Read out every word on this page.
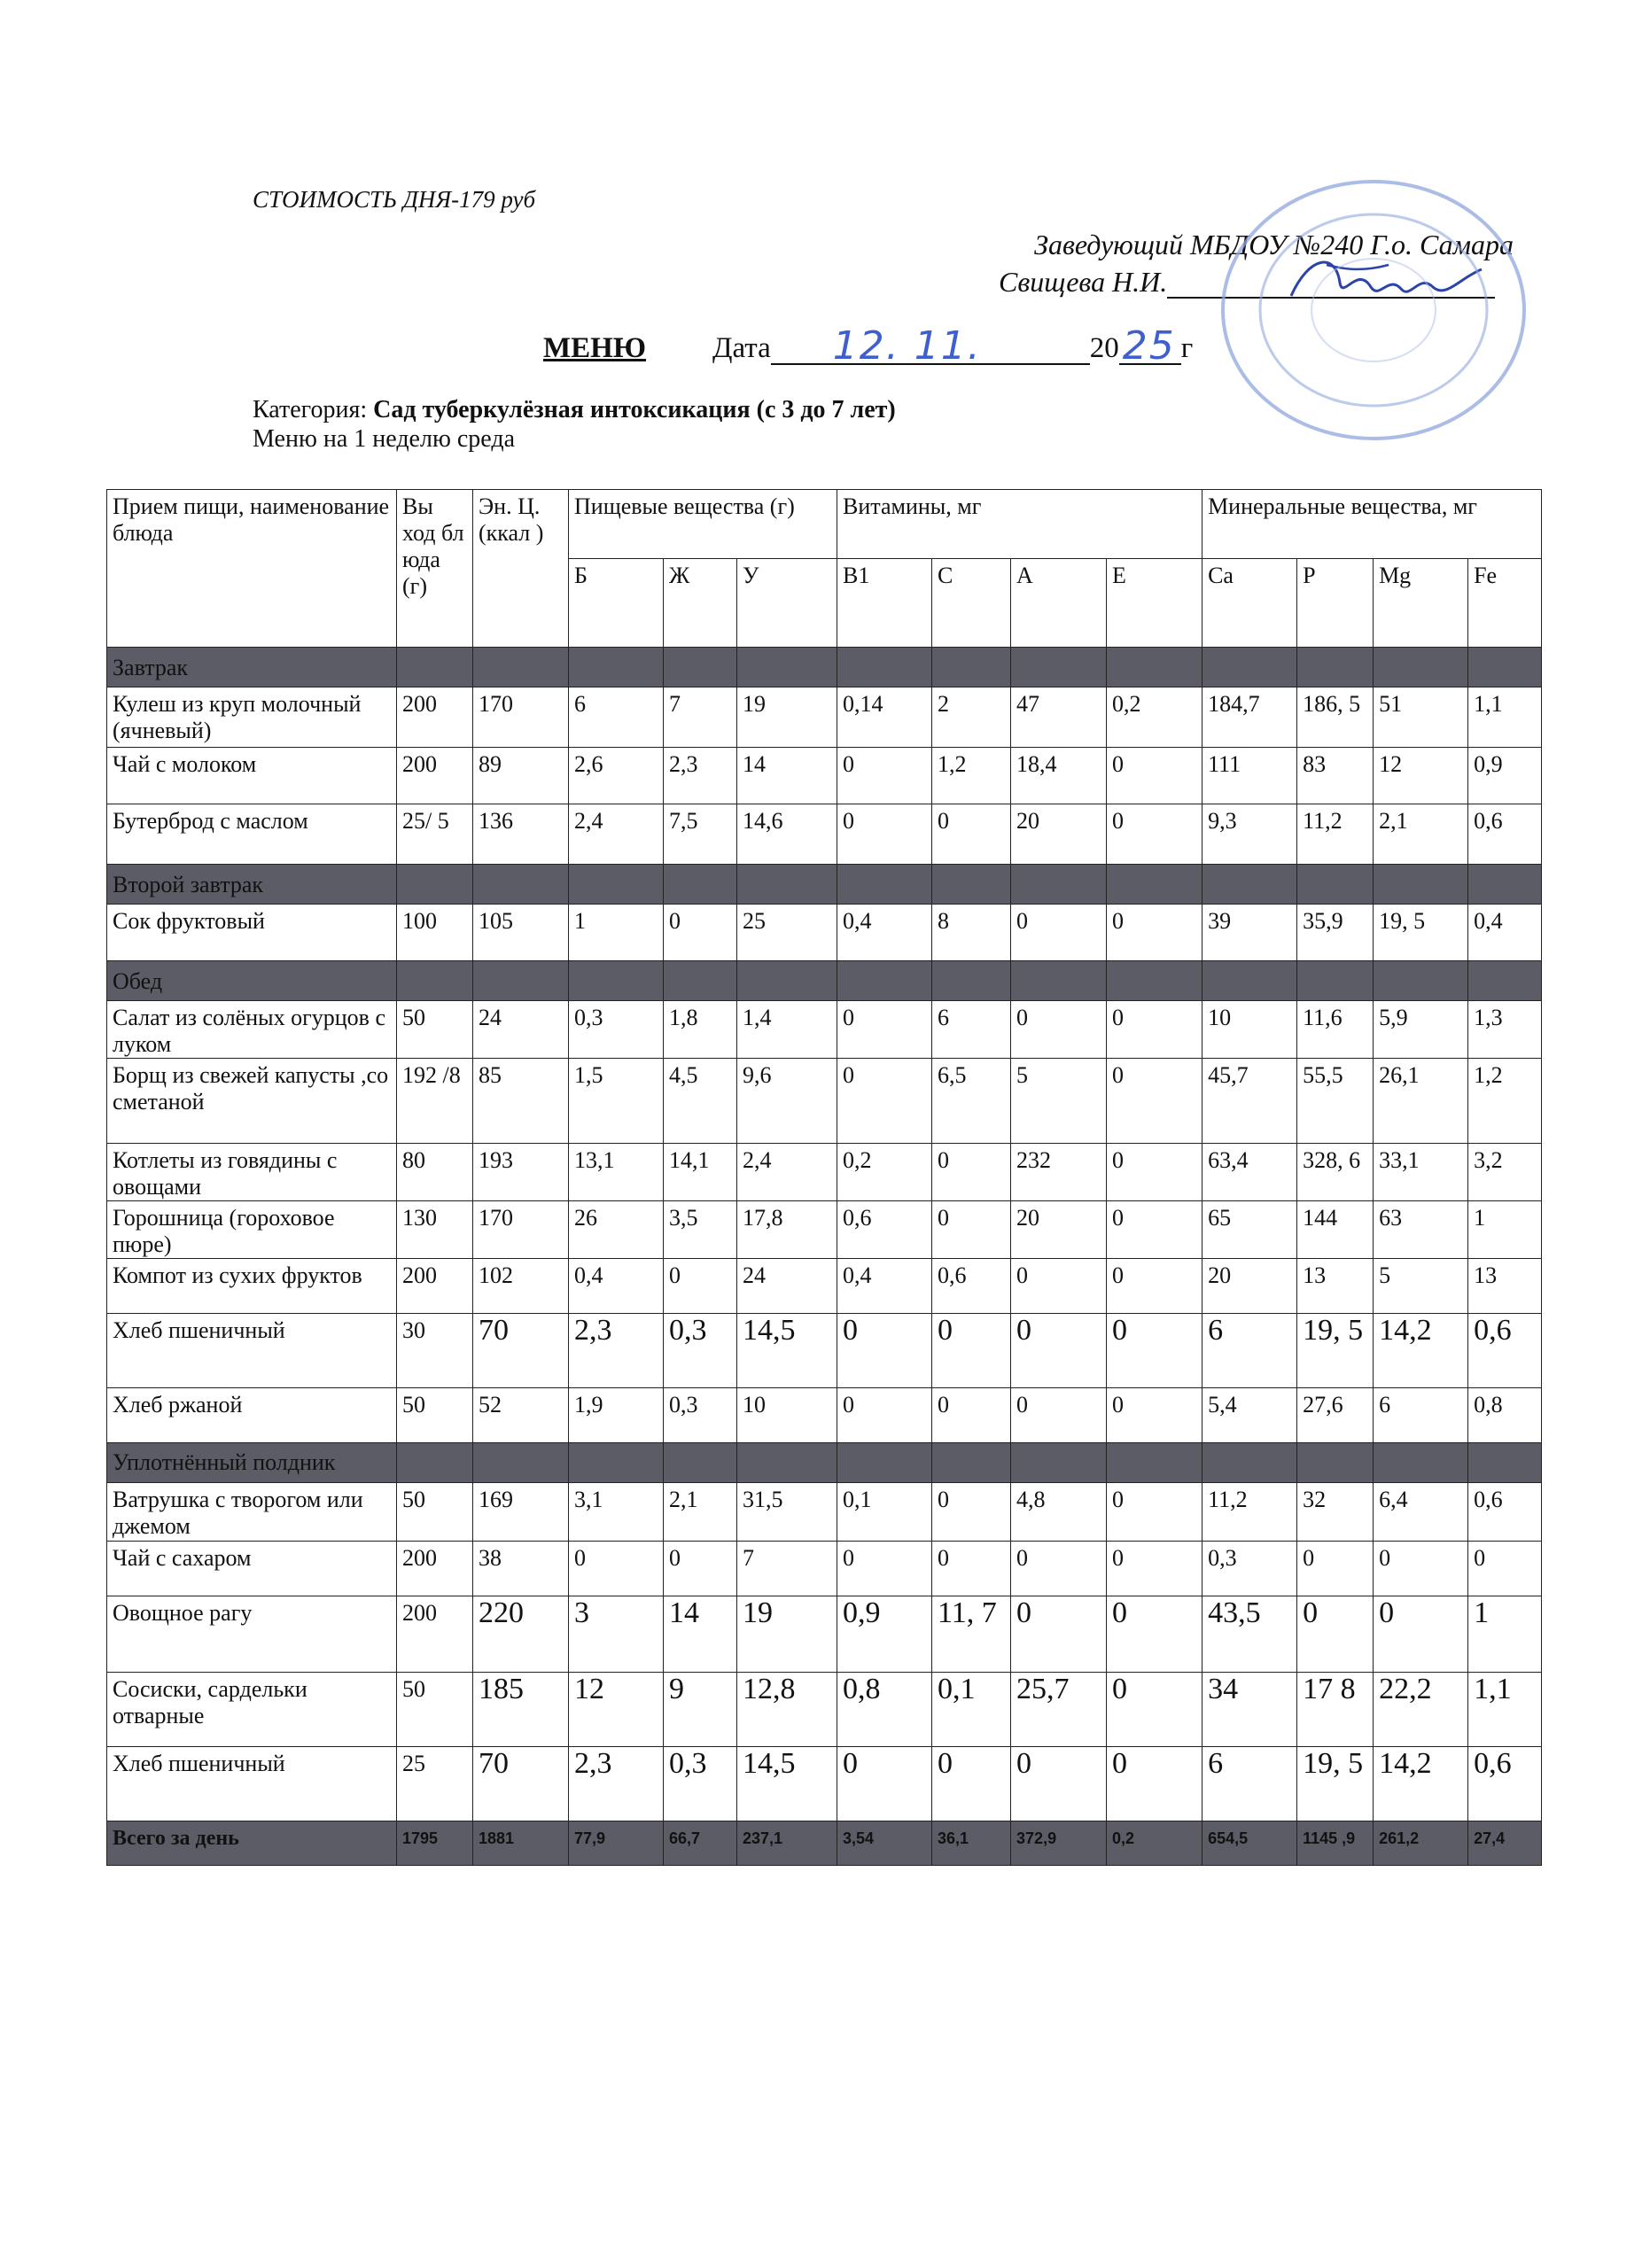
СТОИМОСТЬ ДНЯ-179 руб
Заведующий МБДОУ №240 Г.о. Самара
Свищева Н.И.
МЕНЮ Дата 12. 11.	20 25 г
Категория: Сад туберкулёзная интоксикация (с 3 до 7 лет)
Меню на 1 неделю среда
Прием пищи, наименование блюда	Вы ход бл юда (г)	Эн. Ц. (ккал )	Пищевые вещества (г)			Витамины, мг				Минеральные вещества, мг			
			Б	Ж	У	В1	С	А	Е	Са	Р	Mg	Fe
Завтрак													
Кулеш из круп молочный (ячневый)	200	170	6	7	19	0,14	2	47	0,2	184,7	186, 5	51	1,1
Чай с молоком	200	89	2,6	2,3	14	0	1,2	18,4	0	111	83	12	0,9
Бутерброд с маслом	25/ 5	136	2,4	7,5	14,6	0	0	20	0	9,3	11,2	2,1	0,6
Второй завтрак													
Сок фруктовый	100	105	1	0	25	0,4	8	0	0	39	35,9	19, 5	0,4
Обед													
Салат из солёных огурцов с луком	50	24	0,3	1,8	1,4	0	6	0	0	10	11,6	5,9	1,3
Борщ из свежей капусты ,со сметаной	192 /8	85	1,5	4,5	9,6	0	6,5	5	0	45,7	55,5	26,1	1,2
Котлеты из говядины с овощами	80	193	13,1	14,1	2,4	0,2	0	232	0	63,4	328, 6	33,1	3,2
Горошница (гороховое пюре)	130	170	26	3,5	17,8	0,6	0	20	0	65	144	63	1
Компот из сухих фруктов	200	102	0,4	0	24	0,4	0,6	0	0	20	13	5	13
Хлеб пшеничный	30	70	2,3	0,3	14,5	0	0	0	0	6	19, 5	14,2	0,6
Хлеб ржаной	50	52	1,9	0,3	10	0	0	0	0	5,4	27,6	6	0,8
Уплотнённый полдник													
Ватрушка с творогом или джемом	50	169	3,1	2,1	31,5	0,1	0	4,8	0	11,2	32	6,4	0,6
Чай с сахаром	200	38	0	0	7	0	0	0	0	0,3	0	0	0
Овощное рагу	200	220	3	14	19	0,9	11, 7	0	0	43,5	0	0	1
Сосиски, сардельки отварные	50	185	12	9	12,8	0,8	0,1	25,7	0	34	17 8	22,2	1,1
Хлеб пшеничный	25	70	2,3	0,3	14,5	0	0	0	0	6	19, 5	14,2	0,6
Всего за день	1795	1881	77,9	66,7	237,1	3,54	36,1	372,9	0,2	654,5	1145 ,9	261,2	27,4
